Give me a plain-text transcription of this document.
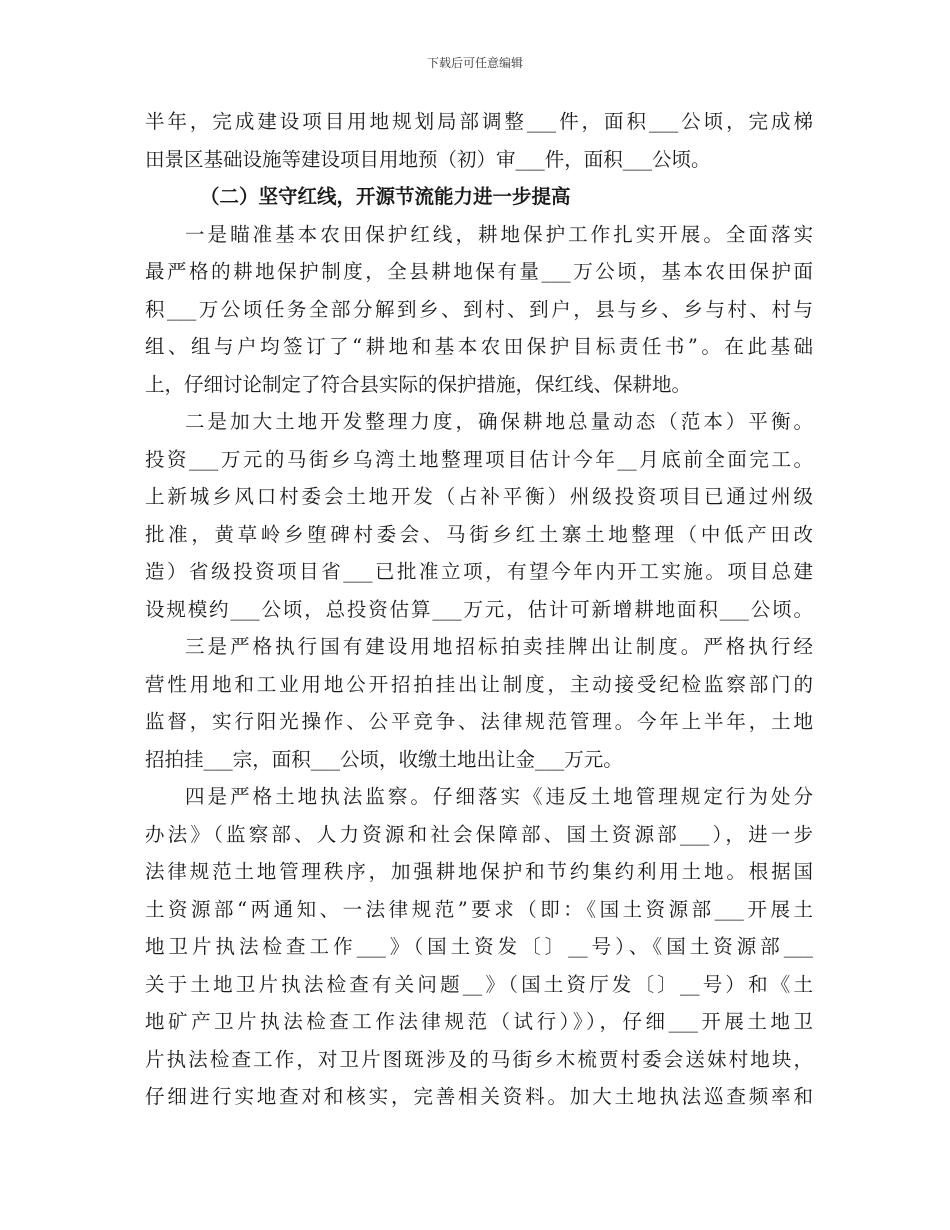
下载后可任意编辑
半年，完成建设项目用地规划局部调整___件，面积___公顷，完成梯
田景区基础设施等建设项目用地预（初）审___件，面积___公顷。
（二）坚守红线，开源节流能力进一步提高
一是瞄准基本农田保护红线，耕地保护工作扎实开展。全面落实
最严格的耕地保护制度，全县耕地保有量___万公顷，基本农田保护面
积___万公顷任务全部分解到乡、到村、到户，县与乡、乡与村、村与
组、组与户均签订了“耕地和基本农田保护目标责任书”。在此基础
上，仔细讨论制定了符合县实际的保护措施，保红线、保耕地。
二是加大土地开发整理力度，确保耕地总量动态（范本）平衡。
投资___万元的马街乡乌湾土地整理项目估计今年__月底前全面完工。
上新城乡风口村委会土地开发（占补平衡）州级投资项目已通过州级
批准，黄草岭乡堕碑村委会、马街乡红土寨土地整理（中低产田改
造）省级投资项目省___已批准立项，有望今年内开工实施。项目总建
设规模约___公顷，总投资估算___万元，估计可新增耕地面积___公顷。
三是严格执行国有建设用地招标拍卖挂牌出让制度。严格执行经
营性用地和工业用地公开招拍挂出让制度，主动接受纪检监察部门的
监督，实行阳光操作、公平竞争、法律规范管理。今年上半年，土地
招拍挂___宗，面积___公顷，收缴土地出让金___万元。
四是严格土地执法监察。仔细落实《违反土地管理规定行为处分
办法》（监察部、人力资源和社会保障部、国土资源部___），进一步
法律规范土地管理秩序，加强耕地保护和节约集约利用土地。根据国
土资源部“两通知、一法律规范”要求（即：《国土资源部___开展土
地卫片执法检查工作___》（国土资发〔〕__号）、《国土资源部___
关于土地卫片执法检查有关问题__》（国土资厅发〔〕__号）和《土
地矿产卫片执法检查工作法律规范（试行）》），仔细___开展土地卫
片执法检查工作，对卫片图斑涉及的马街乡木梳贾村委会送妹村地块，
仔细进行实地查对和核实，完善相关资料。加大土地执法巡查频率和
